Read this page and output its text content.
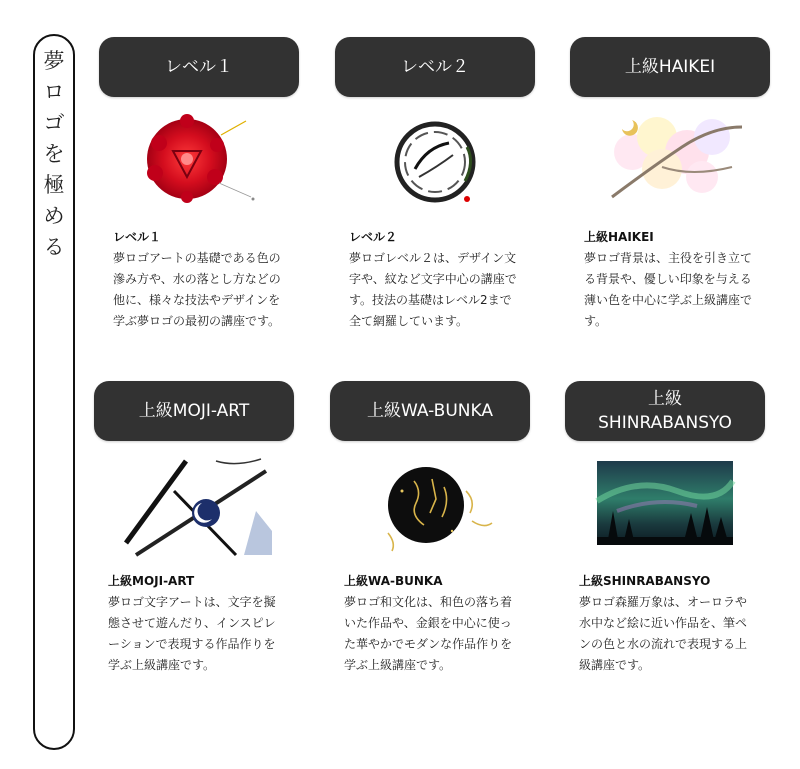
夢
ロ
ゴ
を
極
め
る
レベル１
レベル１
夢ロゴアートの基礎である色の滲み方や、水の落とし方などの他に、様々な技法やデザインを学ぶ夢ロゴの最初の講座です。
レベル２
レベル２
夢ロゴレベル２は、デザイン文字や、紋など文字中心の講座です。技法の基礎はレベル2まで全て網羅しています。
上級HAIKEI
上級HAIKEI
夢ロゴ背景は、主役を引き立てる背景や、優しい印象を与える薄い色を中心に学ぶ上級講座です。
上級MOJI-ART
上級MOJI-ART
夢ロゴ文字アートは、文字を擬態させて遊んだり、インスピレーションで表現する作品作りを学ぶ上級講座です。
上級WA-BUNKA
上級WA-BUNKA
夢ロゴ和文化は、和色の落ち着いた作品や、金銀を中心に使った華やかでモダンな作品作りを学ぶ上級講座です。
上級
SHINRABANSYO
上級SHINRABANSYO
夢ロゴ森羅万象は、オーロラや水中など絵に近い作品を、筆ペンの色と水の流れで表現する上級講座です。
